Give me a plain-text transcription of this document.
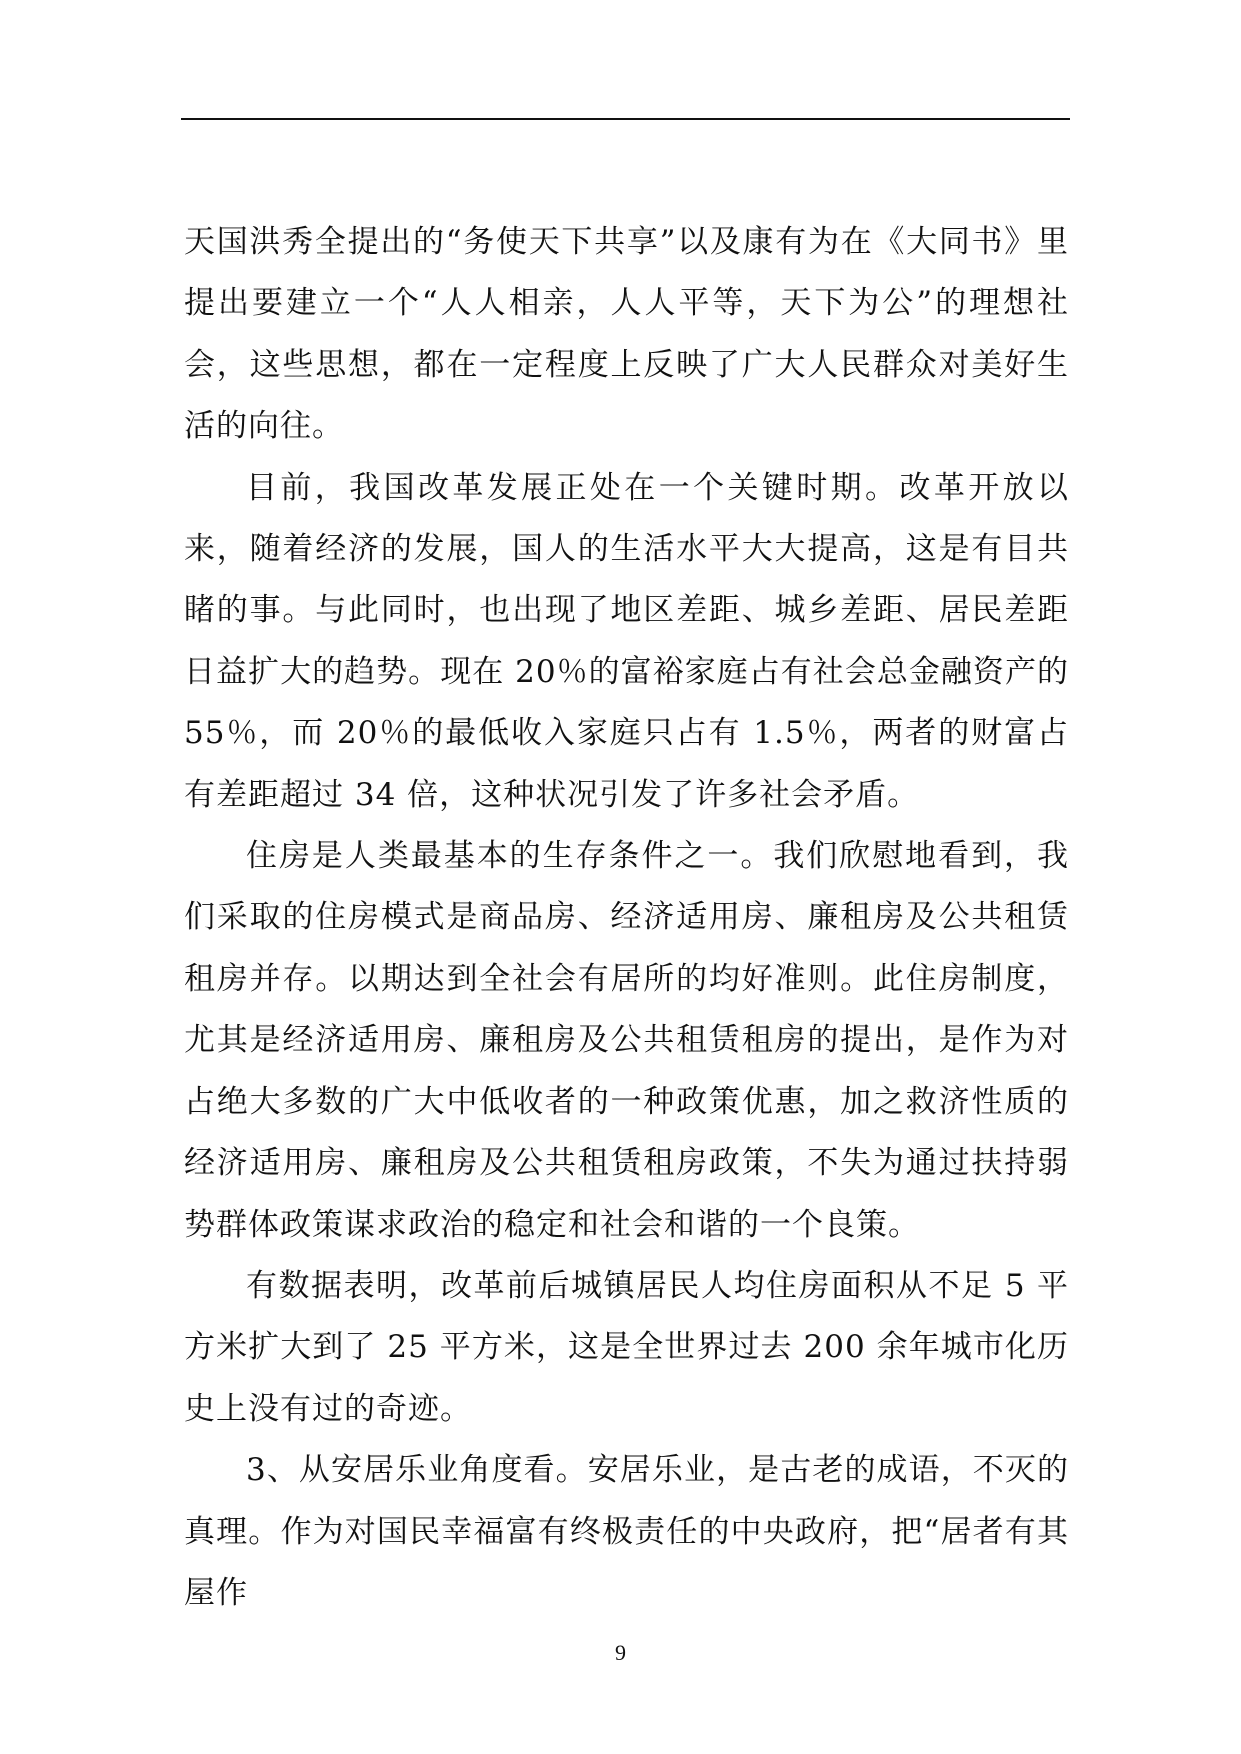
天国洪秀全提出的“务使天下共享”以及康有为在《大同书》里提出要建立一个“人人相亲，人人平等，天下为公”的理想社会，这些思想，都在一定程度上反映了广大人民群众对美好生活的向往。

目前，我国改革发展正处在一个关键时期。改革开放以来，随着经济的发展，国人的生活水平大大提高，这是有目共睹的事。与此同时，也出现了地区差距、城乡差距、居民差距日益扩大的趋势。现在 20％的富裕家庭占有社会总金融资产的 55％，而 20％的最低收入家庭只占有 1.5％，两者的财富占有差距超过 34 倍，这种状况引发了许多社会矛盾。

住房是人类最基本的生存条件之一。我们欣慰地看到，我们采取的住房模式是商品房、经济适用房、廉租房及公共租赁租房并存。以期达到全社会有居所的均好准则。此住房制度，尤其是经济适用房、廉租房及公共租赁租房的提出，是作为对占绝大多数的广大中低收者的一种政策优惠，加之救济性质的经济适用房、廉租房及公共租赁租房政策，不失为通过扶持弱势群体政策谋求政治的稳定和社会和谐的一个良策。

有数据表明，改革前后城镇居民人均住房面积从不足 5 平方米扩大到了 25 平方米，这是全世界过去 200 余年城市化历史上没有过的奇迹。

3、从安居乐业角度看。安居乐业，是古老的成语，不灭的真理。作为对国民幸福富有终极责任的中央政府，把“居者有其屋作

9
